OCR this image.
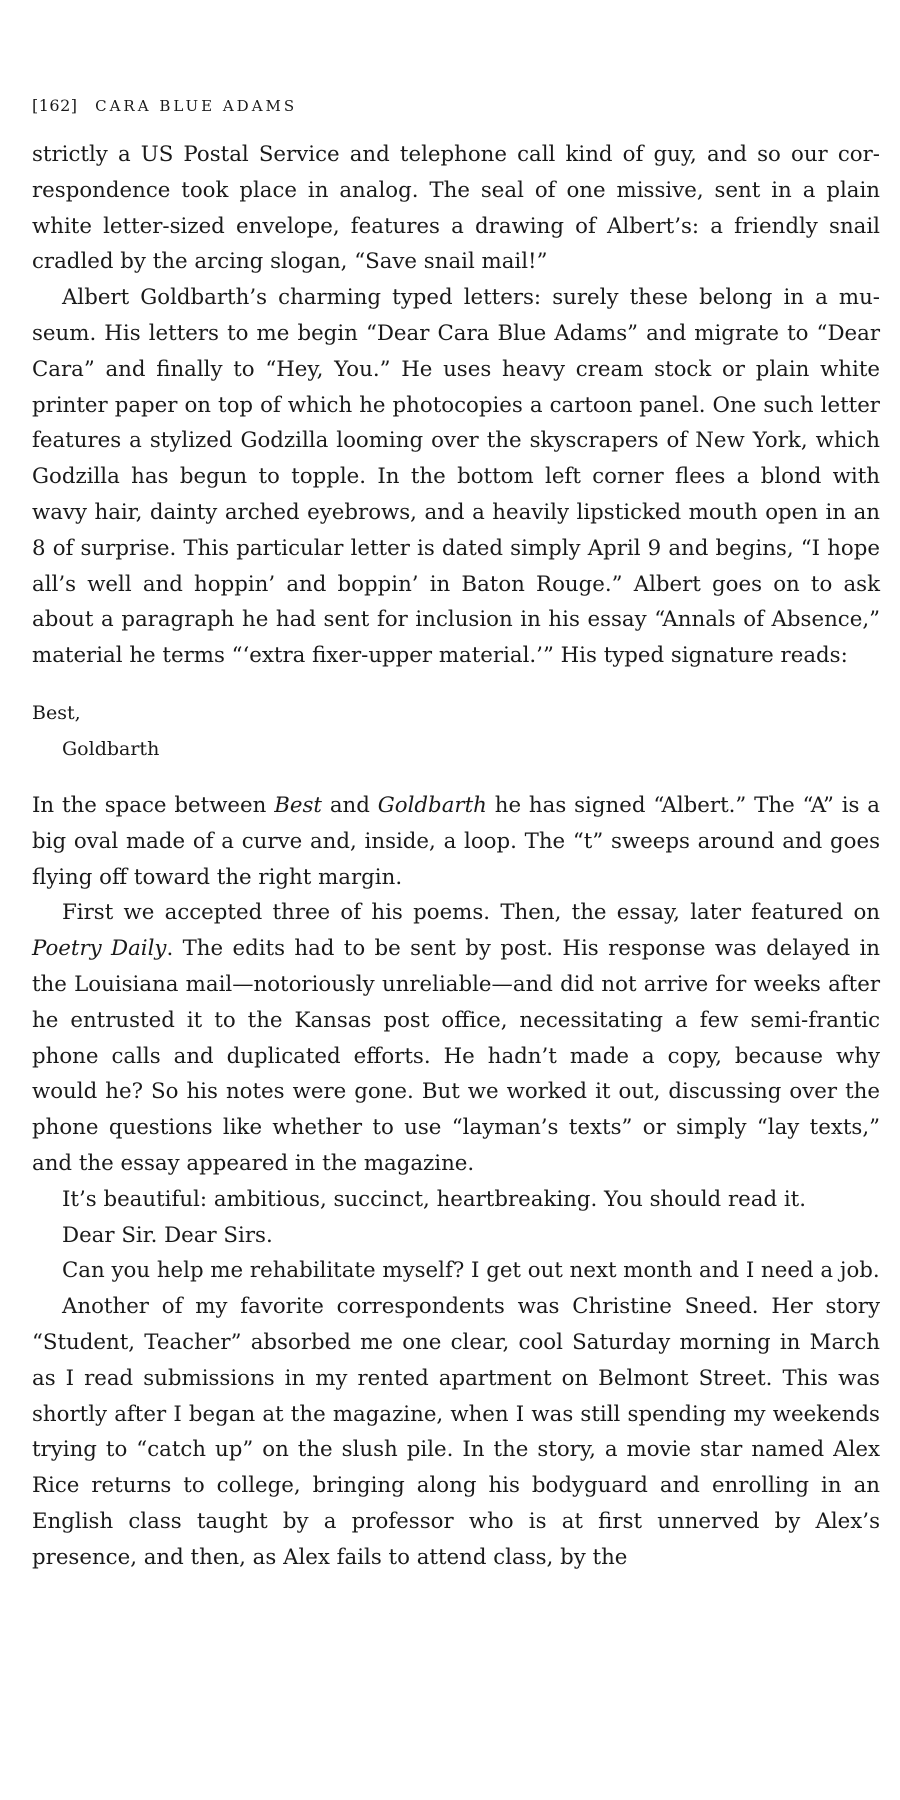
[162] CARA BLUE ADAMS

strictly a US Postal Service and telephone call kind of guy, and so our correspondence took place in analog. The seal of one missive, sent in a plain white letter-sized envelope, features a drawing of Albert’s: a friendly snail cradled by the arcing slogan, “Save snail mail!”

Albert Goldbarth’s charming typed letters: surely these belong in a museum. His letters to me begin “Dear Cara Blue Adams” and migrate to “Dear Cara” and finally to “Hey, You.” He uses heavy cream stock or plain white printer paper on top of which he photocopies a cartoon panel. One such letter features a stylized Godzilla looming over the skyscrapers of New York, which Godzilla has begun to topple. In the bottom left corner flees a blond with wavy hair, dainty arched eyebrows, and a heavily lipsticked mouth open in an 8 of surprise. This particular letter is dated simply April 9 and begins, “I hope all’s well and hoppin’ and boppin’ in Baton Rouge.” Albert goes on to ask about a paragraph he had sent for inclusion in his essay “Annals of Absence,” material he terms “‘extra fixer-upper material.’” His typed signature reads:

Best,
Goldbarth

In the space between Best and Goldbarth he has signed “Albert.” The “A” is a big oval made of a curve and, inside, a loop. The “t” sweeps around and goes flying off toward the right margin.

First we accepted three of his poems. Then, the essay, later featured on Poetry Daily. The edits had to be sent by post. His response was delayed in the Louisiana mail—notoriously unreliable—and did not arrive for weeks after he entrusted it to the Kansas post office, necessitating a few semi-frantic phone calls and duplicated efforts. He hadn’t made a copy, because why would he? So his notes were gone. But we worked it out, discussing over the phone questions like whether to use “layman’s texts” or simply “lay texts,” and the essay appeared in the magazine.

It’s beautiful: ambitious, succinct, heartbreaking. You should read it.

Dear Sir. Dear Sirs.

Can you help me rehabilitate myself? I get out next month and I need a job.

Another of my favorite correspondents was Christine Sneed. Her story “Student, Teacher” absorbed me one clear, cool Saturday morning in March as I read submissions in my rented apartment on Belmont Street. This was shortly after I began at the magazine, when I was still spending my weekends trying to “catch up” on the slush pile. In the story, a movie star named Alex Rice returns to college, bringing along his bodyguard and enrolling in an English class taught by a professor who is at first unnerved by Alex’s presence, and then, as Alex fails to attend class, by the
